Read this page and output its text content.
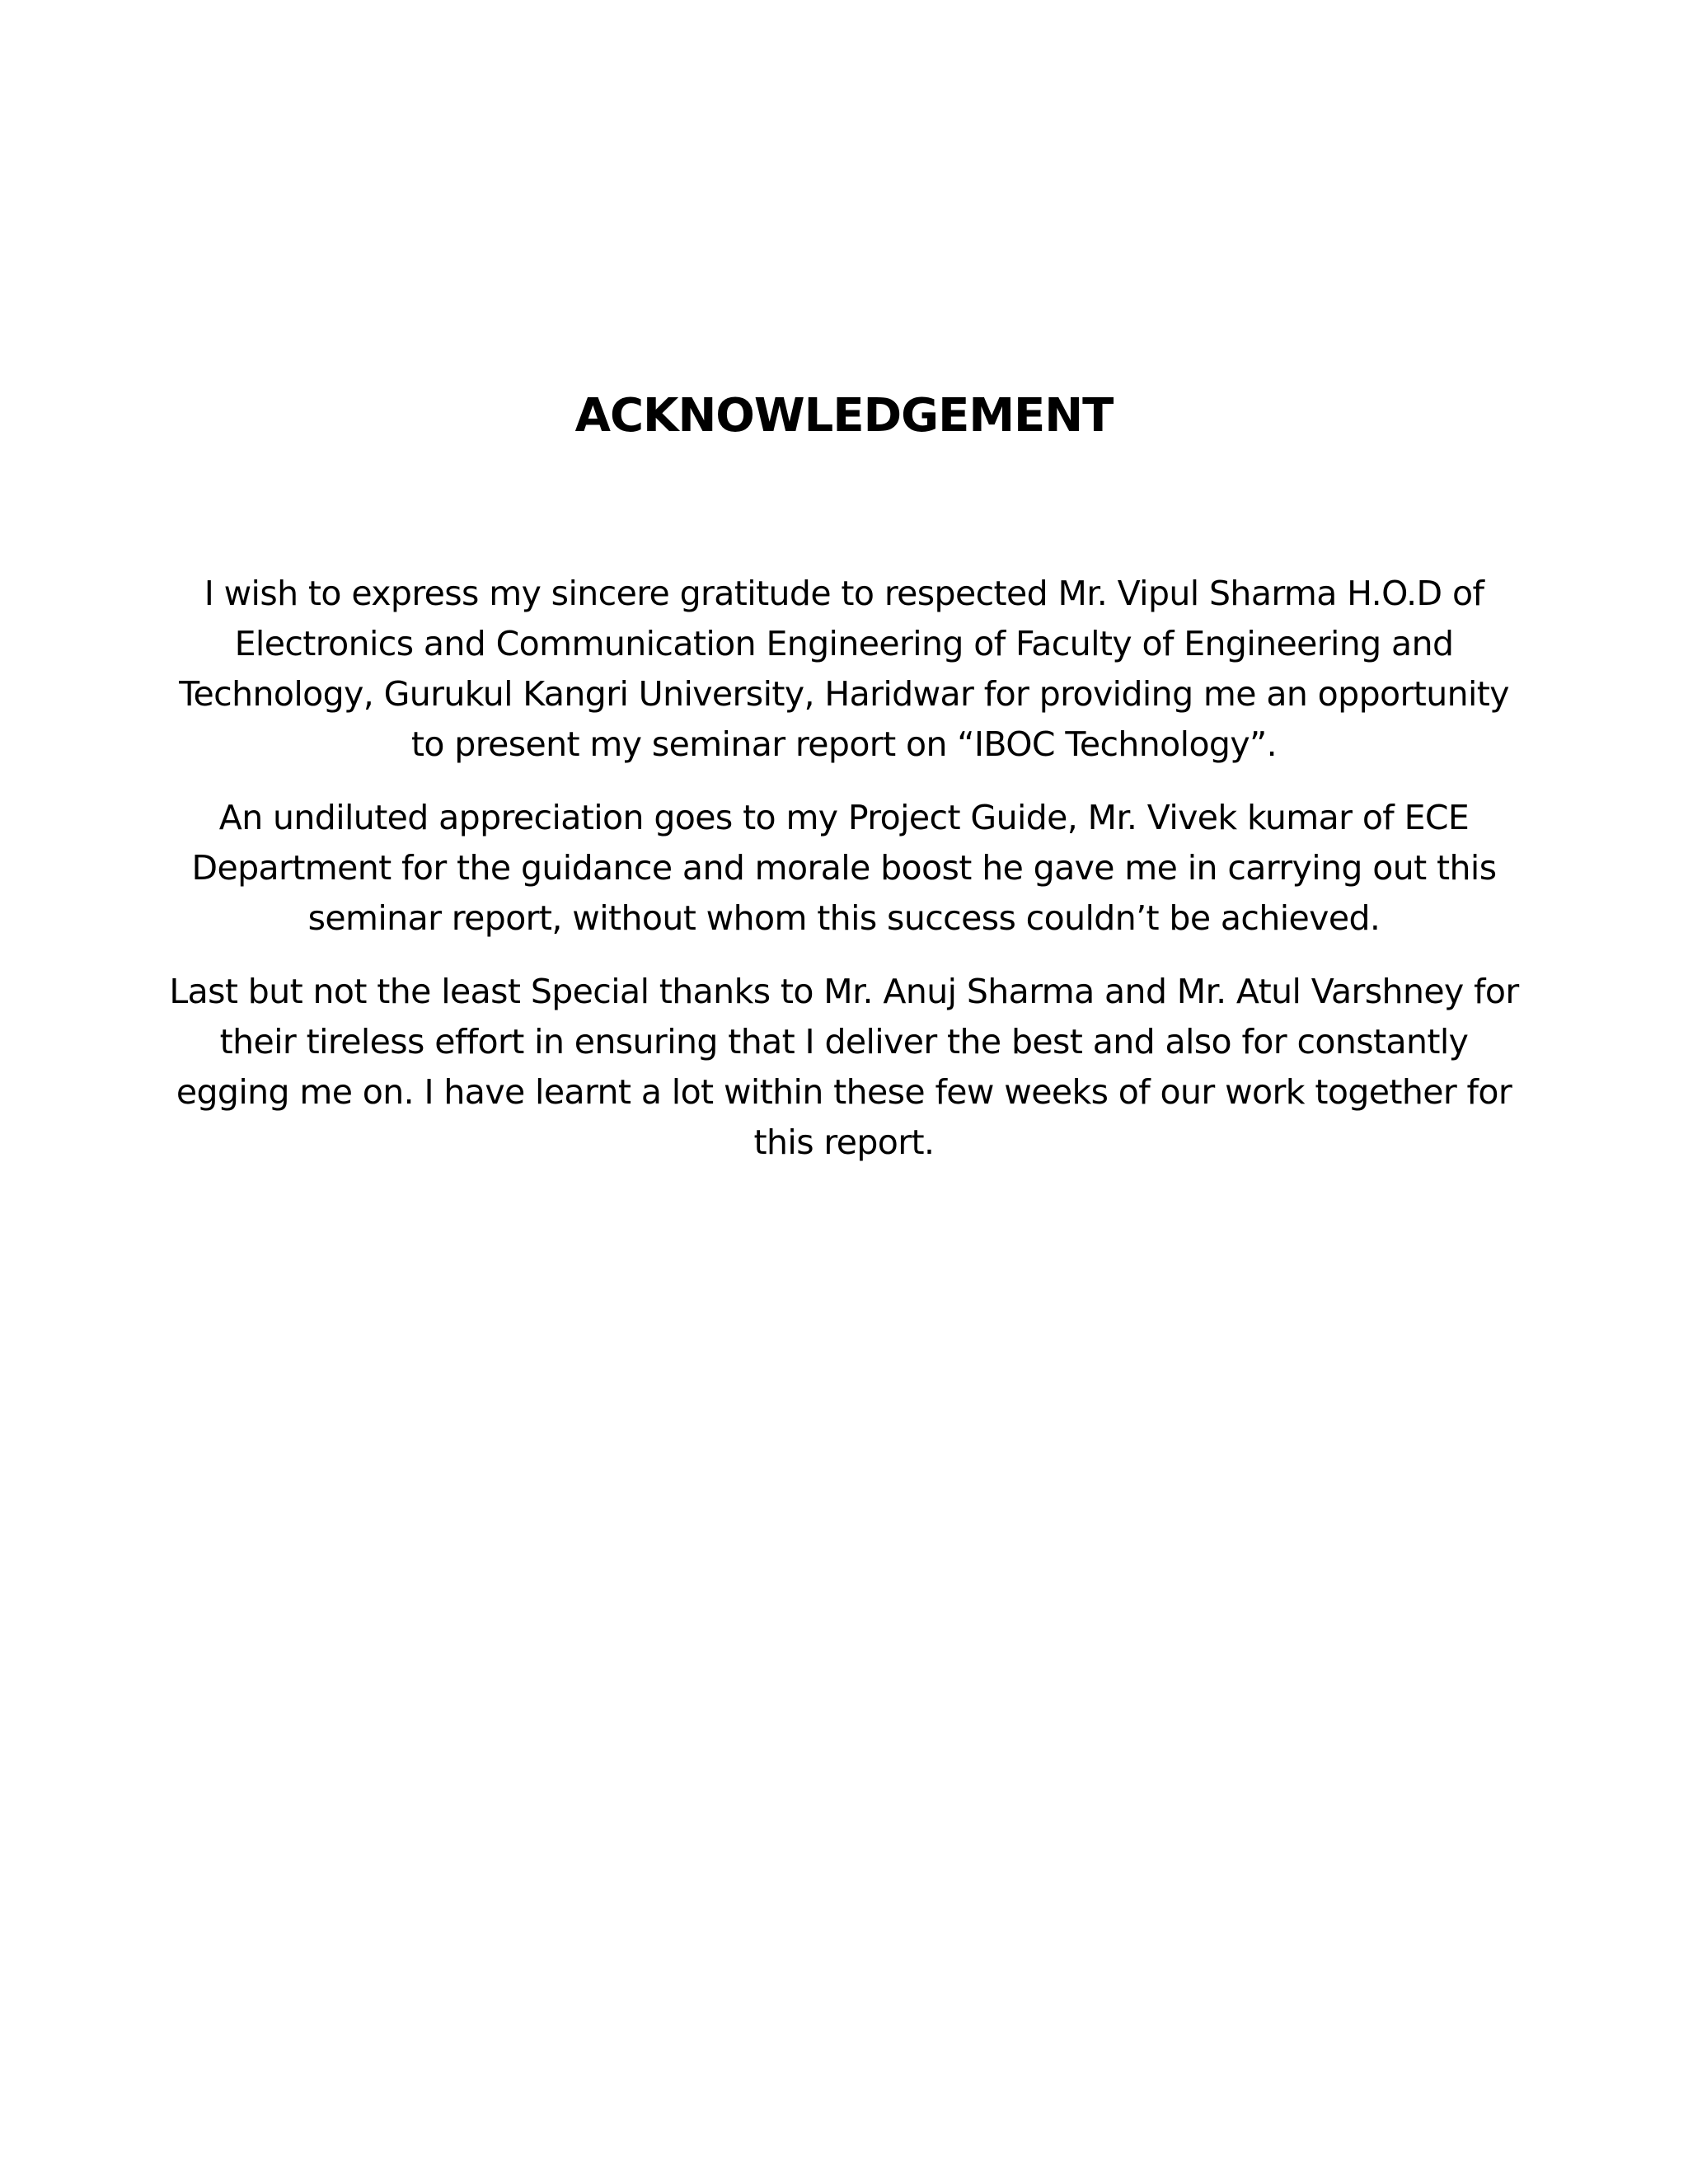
ACKNOWLEDGEMENT

I wish to express my sincere gratitude to respected Mr. Vipul Sharma H.O.D of Electronics and Communication Engineering of Faculty of Engineering and Technology, Gurukul Kangri University, Haridwar for providing me an opportunity to present my seminar report on “IBOC Technology”.

An undiluted appreciation goes to my Project Guide, Mr. Vivek kumar of ECE Department for the guidance and morale boost he gave me in carrying out this seminar report, without whom this success couldn’t be achieved.

Last but not the least Special thanks to Mr. Anuj Sharma and Mr. Atul Varshney for their tireless effort in ensuring that I deliver the best and also for constantly egging me on. I have learnt a lot within these few weeks of our work together for this report.
